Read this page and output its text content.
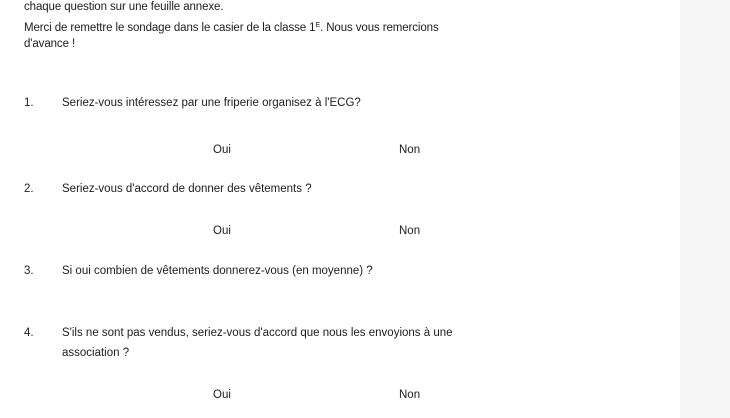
chaque question sur une feuille annexe.
Merci de remettre le sondage dans le casier de la classe $1^E$. Nous vous remercions
d'avance !
1. Seriez-vous intéressez par une friperie organisez à l'ECG?
Oui	Non
2. Seriez-vous d'accord de donner des vêtements ?
Oui	Non
3. Si oui combien de vêtements donnerez-vous (en moyenne) ?
4. S'ils ne sont pas vendus, seriez-vous d'accord que nous les envoyions à une
association ?
Oui	Non
